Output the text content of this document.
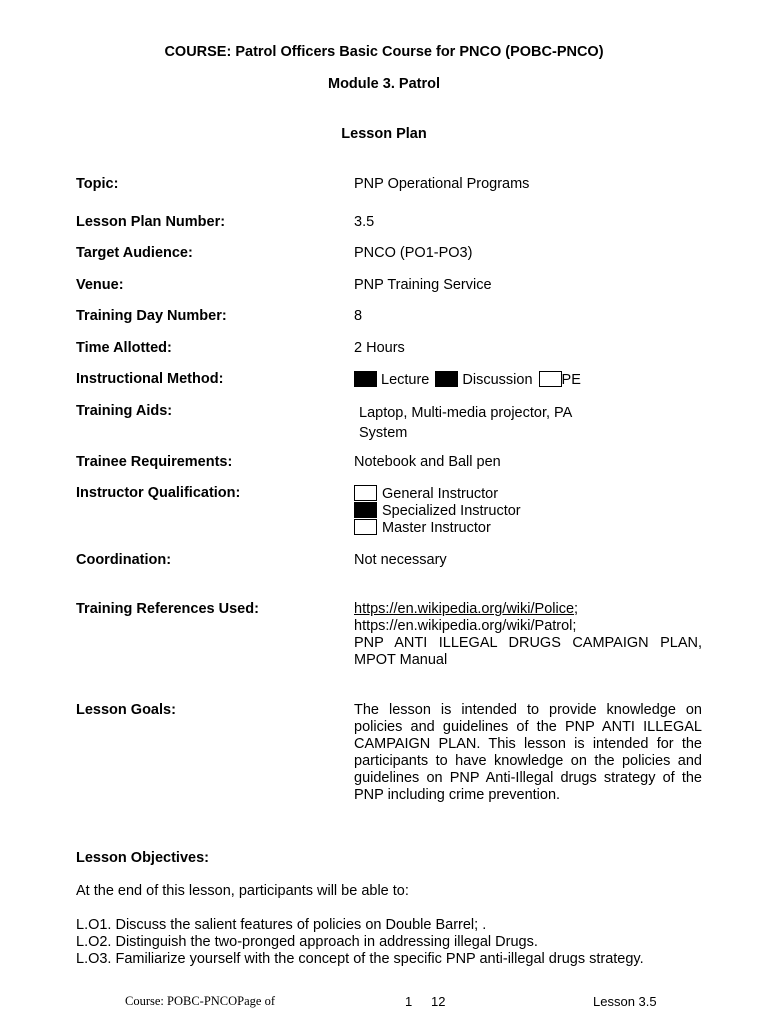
COURSE: Patrol Officers Basic Course for PNCO (POBC-PNCO)
Module 3. Patrol
Lesson Plan
Topic:	PNP Operational Programs
Lesson Plan Number:	3.5
Target Audience:	PNCO (PO1-PO3)
Venue:	PNP Training Service
Training Day Number:	8
Time Allotted:	2 Hours
Instructional Method:	Lecture Discussion PE
Training Aids:	Laptop, Multi-media projector, PA
System
Trainee Requirements:	Notebook and Ball pen
Instructor Qualification:	General Instructor
Specialized Instructor
Master Instructor
Coordination:	Not necessary
Training References Used:	https://en.wikipedia.org/wiki/Police;
https://en.wikipedia.org/wiki/Patrol;
PNP ANTI ILLEGAL DRUGS CAMPAIGN PLAN,
MPOT Manual
Lesson Goals:	The lesson is intended to provide knowledge on policies and guidelines of the PNP ANTI ILLEGAL CAMPAIGN PLAN. This lesson is intended for the participants to have knowledge on the policies and guidelines on PNP Anti-Illegal drugs strategy of the PNP including crime prevention.
Lesson Objectives:
At the end of this lesson, participants will be able to:
L.O1. Discuss the salient features of policies on Double Barrel; .
L.O2. Distinguish the two-pronged approach in addressing illegal Drugs.
L.O3. Familiarize yourself with the concept of the specific PNP anti-illegal drugs strategy.
Course: POBC-PNCOPage of	1 12	Lesson 3.5
